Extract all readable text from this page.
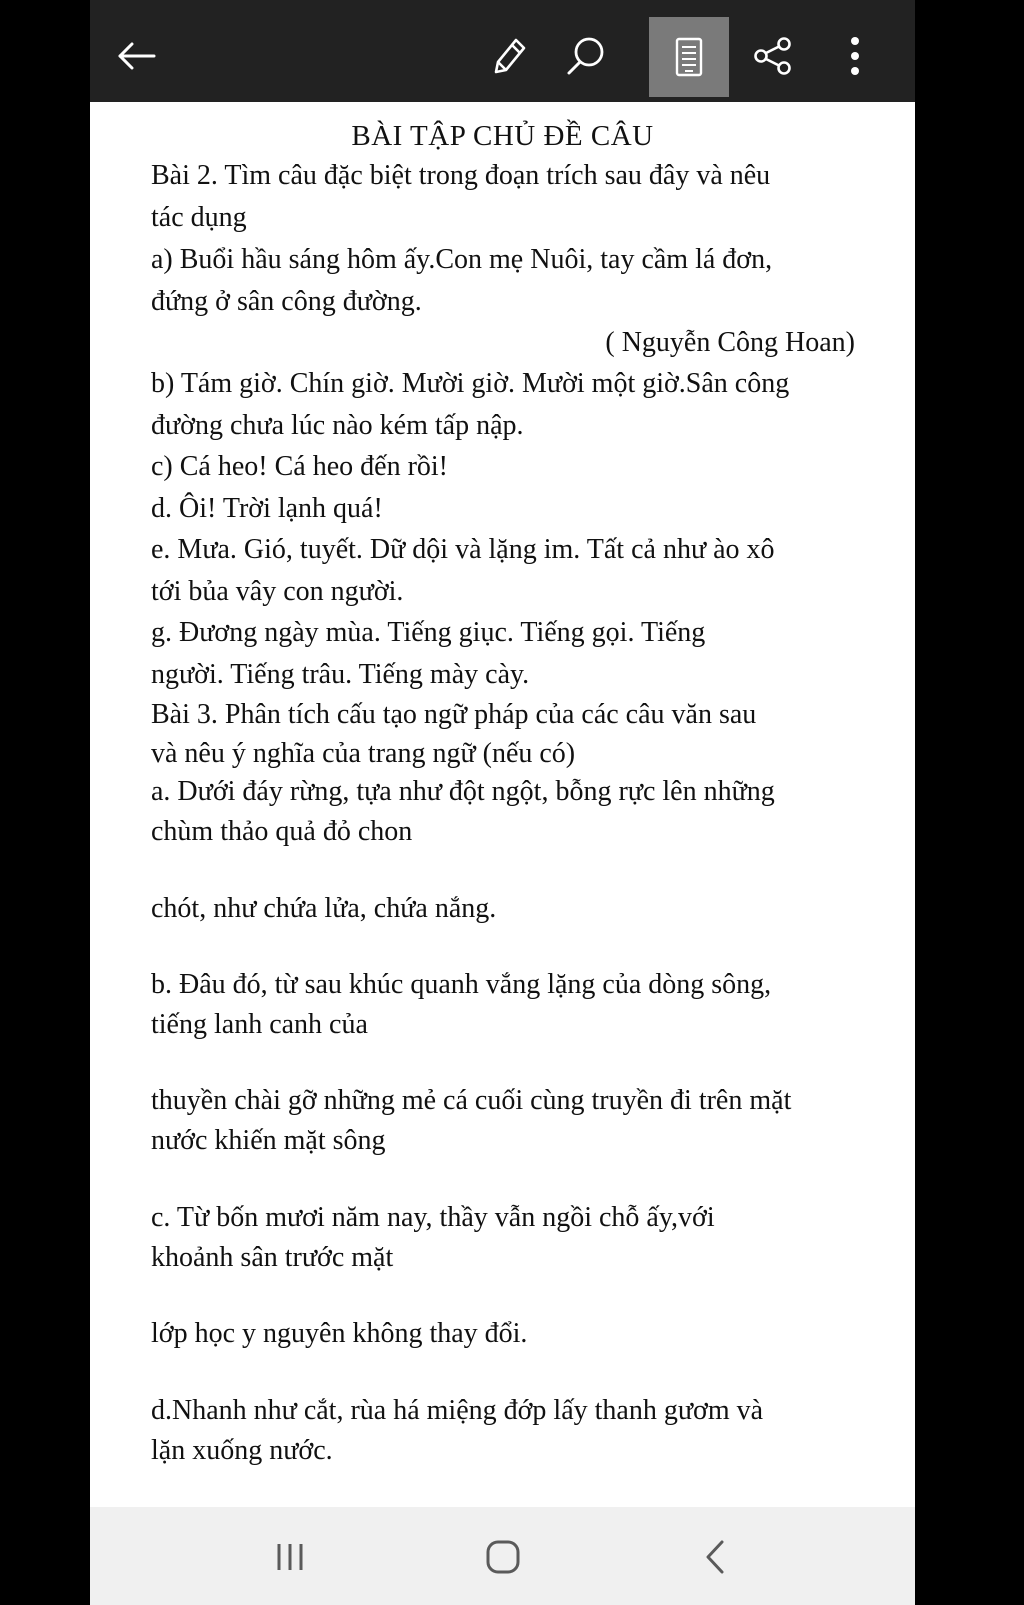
BÀI TẬP CHỦ ĐỀ CÂU
Bài 2. Tìm câu đặc biệt trong đoạn trích sau đây và nêu
tác dụng
a) Buổi hầu sáng hôm ấy.Con mẹ Nuôi, tay cầm lá đơn,
đứng ở sân công đường.
( Nguyễn Công Hoan)
b) Tám giờ. Chín giờ. Mười giờ. Mười một giờ.Sân công
đường chưa lúc nào kém tấp nập.
c) Cá heo! Cá heo đến rồi!
d. Ôi! Trời lạnh quá!
e. Mưa. Gió, tuyết. Dữ dội và lặng im. Tất cả như ào xô
tới bủa vây con người.
g. Đương ngày mùa. Tiếng giục. Tiếng gọi. Tiếng
người. Tiếng trâu. Tiếng mày cày.
Bài 3. Phân tích cấu tạo ngữ pháp của các câu văn sau
và nêu ý nghĩa của trang ngữ (nếu có)
a. Dưới đáy rừng, tựa như đột ngột, bỗng rực lên những
chùm thảo quả đỏ chon
chót, như chứa lửa, chứa nắng.
b. Đâu đó, từ sau khúc quanh vắng lặng của dòng sông,
tiếng lanh canh của
thuyền chài gỡ những mẻ cá cuối cùng truyền đi trên mặt
nước khiến mặt sông
c. Từ bốn mươi năm nay, thầy vẫn ngồi chỗ ấy,với
khoảnh sân trước mặt
lớp học y nguyên không thay đổi.
d.Nhanh như cắt, rùa há miệng đớp lấy thanh gươm và
lặn xuống nước.
